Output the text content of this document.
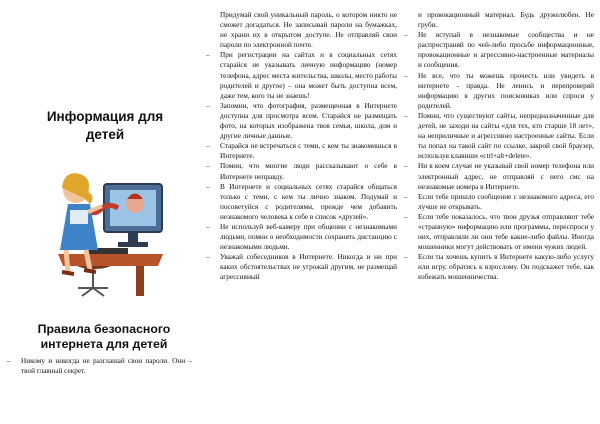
Информация для детей
Правила безопасного интернета для детей
– Никому и никогда не разглашай свои пароли. Они – твой главный секрет.
Придумай свой уникальный пароль, о котором никто не сможет догадаться. Не записывай пароли на бумажках, не храни их в открытом доступе. Не отправляй свои пароли по электронной почте.
– При регистрации на сайтах и в социальных сетях старайся не указывать личную информацию (номер телефона, адрес места жительства, школы, место работы родителей и другое) – она может быть доступна всем, даже тем, кого ты не знаешь!
– Запомни, что фотография, размещенная в Интернете доступна для просмотра всем. Старайся не размещать фото, на которых изображена твоя семья, школа, дом и другие личные данные.
– Старайся не встречаться с теми, с кем ты знакомишься в Интернете.
– Помни, что многие люди рассказывают о себе в Интернете неправду.
– В Интернете и социальных сетях старайся общаться только с теми, с кем ты лично знаком. Подумай и посоветуйся с родителями, прежде чем добавить незнакомого человека к себе в список «друзей».
– Не используй веб-камеру при общении с незнакомыми людьми, помни о необходимости сохранять дистанцию с незнакомыми людьми.
– Уважай собеседников в Интернете. Никогда и ни при каких обстоятельствах не угрожай другим, не размещай агрессивный
и провокационный материал. Будь дружелюбен. Не груби.
– Не вступай в незнакомые сообщества и не распространяй по чей-либо просьбе информационные, провокационные и агрессивно-настроенные материалы и сообщения.
– Не все, что ты можешь прочесть или увидеть в интернете - правда. Не ленись и перепроверяй информацию в других поисковиках или спроси у родителей.
– Помни, что существуют сайты, непредназначенные для детей, не заходи на сайты «для тех, кто старше 18 лет», на неприличные и агрессивно настроенные сайты. Если ты попал на такой сайт по ссылке, закрой свой браузер, используя клавиши «ctrl+alt+delete».
– Ни в коем случае не указывай свой номер телефона или электронный адрес, не отправляй с него смс на незнакомые номера в Интернете.
– Если тебе пришло сообщение с незнакомого адреса, его лучше не открывать.
– Если тебе показалось, что твои друзья отправляют тебе «странную» информацию или программы, переспроси у них, отправляли ли они тебе какие-либо файлы. Иногда мошенники могут действовать от имени чужих людей.
– Если ты хочешь купить в Интернете какую-либо услугу или игру, обратись к взрослому. Он подскажет тебе, как избежать мошенничества.
